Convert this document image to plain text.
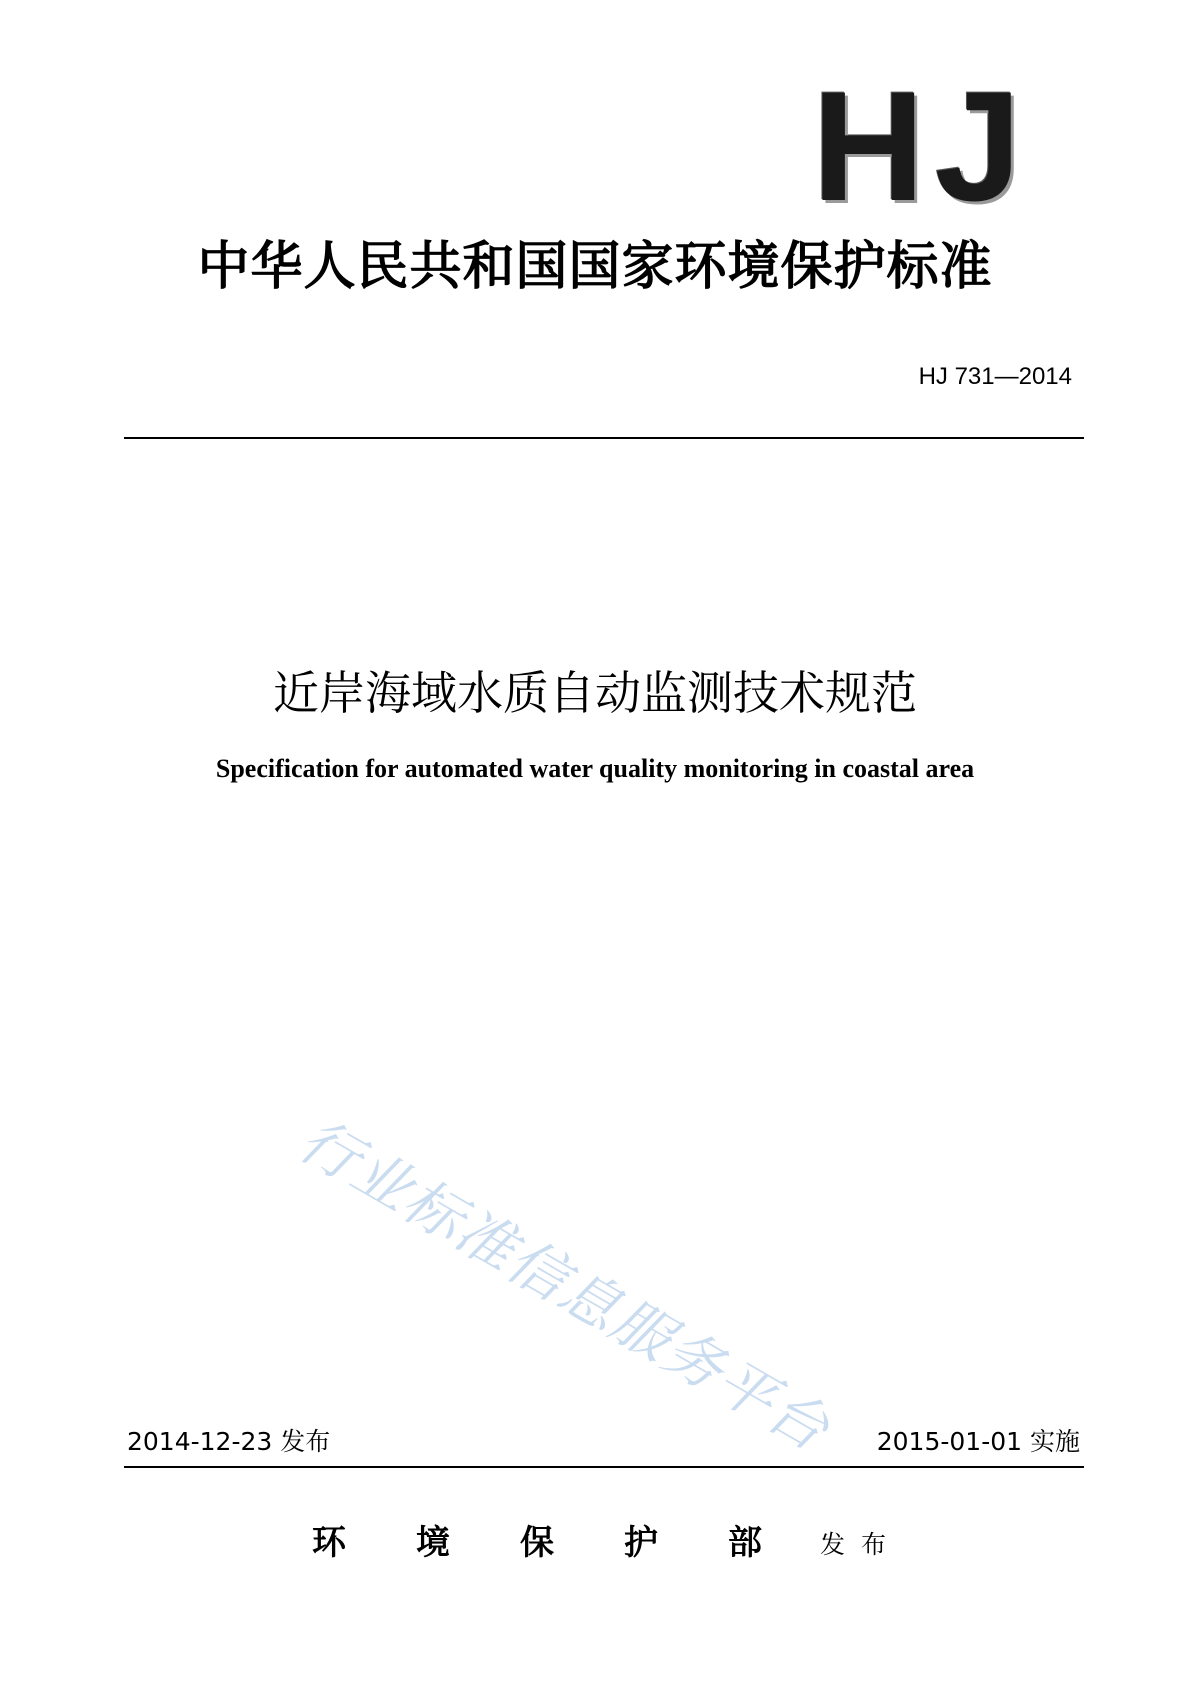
HJ
中华人民共和国国家环境保护标准
HJ 731—2014
近岸海域水质自动监测技术规范
Specification for automated water quality monitoring in coastal area
行业标准信息服务平台
2014-12-23 发布	2015-01-01 实施
环境保护部
发布
